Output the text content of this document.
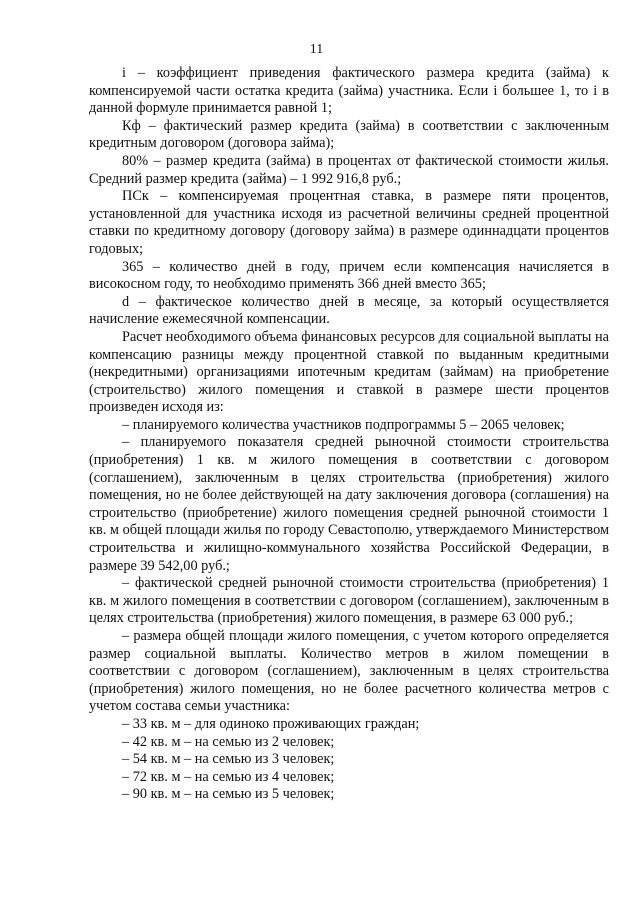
11

i – коэффициент приведения фактического размера кредита (займа) к компенсируемой части остатка кредита (займа) участника. Если i большее 1, то i в данной формуле принимается равной 1;

Кф – фактический размер кредита (займа) в соответствии с заключенным кредитным договором (договора займа);

80% – размер кредита (займа) в процентах от фактической стоимости жилья. Средний размер кредита (займа) – 1 992 916,8 руб.;

ПСк – компенсируемая процентная ставка, в размере пяти процентов, установленной для участника исходя из расчетной величины средней процентной ставки по кредитному договору (договору займа) в размере одиннадцати процентов годовых;

365 – количество дней в году, причем если компенсация начисляется в високосном году, то необходимо применять 366 дней вместо 365;

d – фактическое количество дней в месяце, за который осуществляется начисление ежемесячной компенсации.

Расчет необходимого объема финансовых ресурсов для социальной выплаты на компенсацию разницы между процентной ставкой по выданным кредитными (некредитными) организациями ипотечным кредитам (займам) на приобретение (строительство) жилого помещения и ставкой в размере шести процентов произведен исходя из:

– планируемого количества участников подпрограммы 5 – 2065 человек;

– планируемого показателя средней рыночной стоимости строительства (приобретения) 1 кв. м жилого помещения в соответствии с договором (соглашением), заключенным в целях строительства (приобретения) жилого помещения, но не более действующей на дату заключения договора (соглашения) на строительство (приобретение) жилого помещения средней рыночной стоимости 1 кв. м общей площади жилья по городу Севастополю, утверждаемого Министерством строительства и жилищно-коммунального хозяйства Российской Федерации, в размере 39 542,00 руб.;

– фактической средней рыночной стоимости строительства (приобретения) 1 кв. м жилого помещения в соответствии с договором (соглашением), заключенным в целях строительства (приобретения) жилого помещения, в размере 63 000 руб.;

– размера общей площади жилого помещения, с учетом которого определяется размер социальной выплаты. Количество метров в жилом помещении в соответствии с договором (соглашением), заключенным в целях строительства (приобретения) жилого помещения, но не более расчетного количества метров с учетом состава семьи участника:

– 33 кв. м – для одиноко проживающих граждан;

– 42 кв. м – на семью из 2 человек;

– 54 кв. м – на семью из 3 человек;

– 72 кв. м – на семью из 4 человек;

– 90 кв. м – на семью из 5 человек;
